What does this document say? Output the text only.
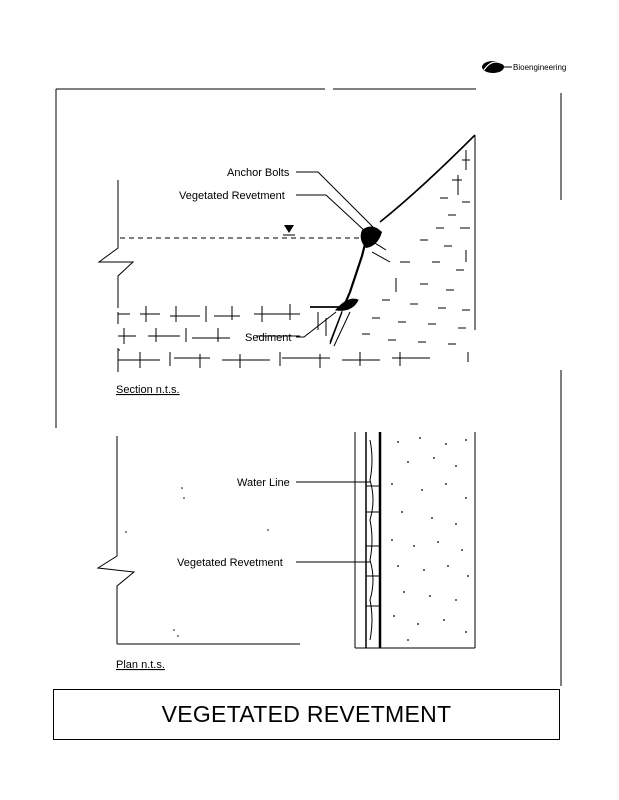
Bioengineering
Anchor Bolts
Vegetated Revetment
Sediment
Section n.t.s.
Water Line
Vegetated Revetment
Plan n.t.s.
VEGETATED REVETMENT
